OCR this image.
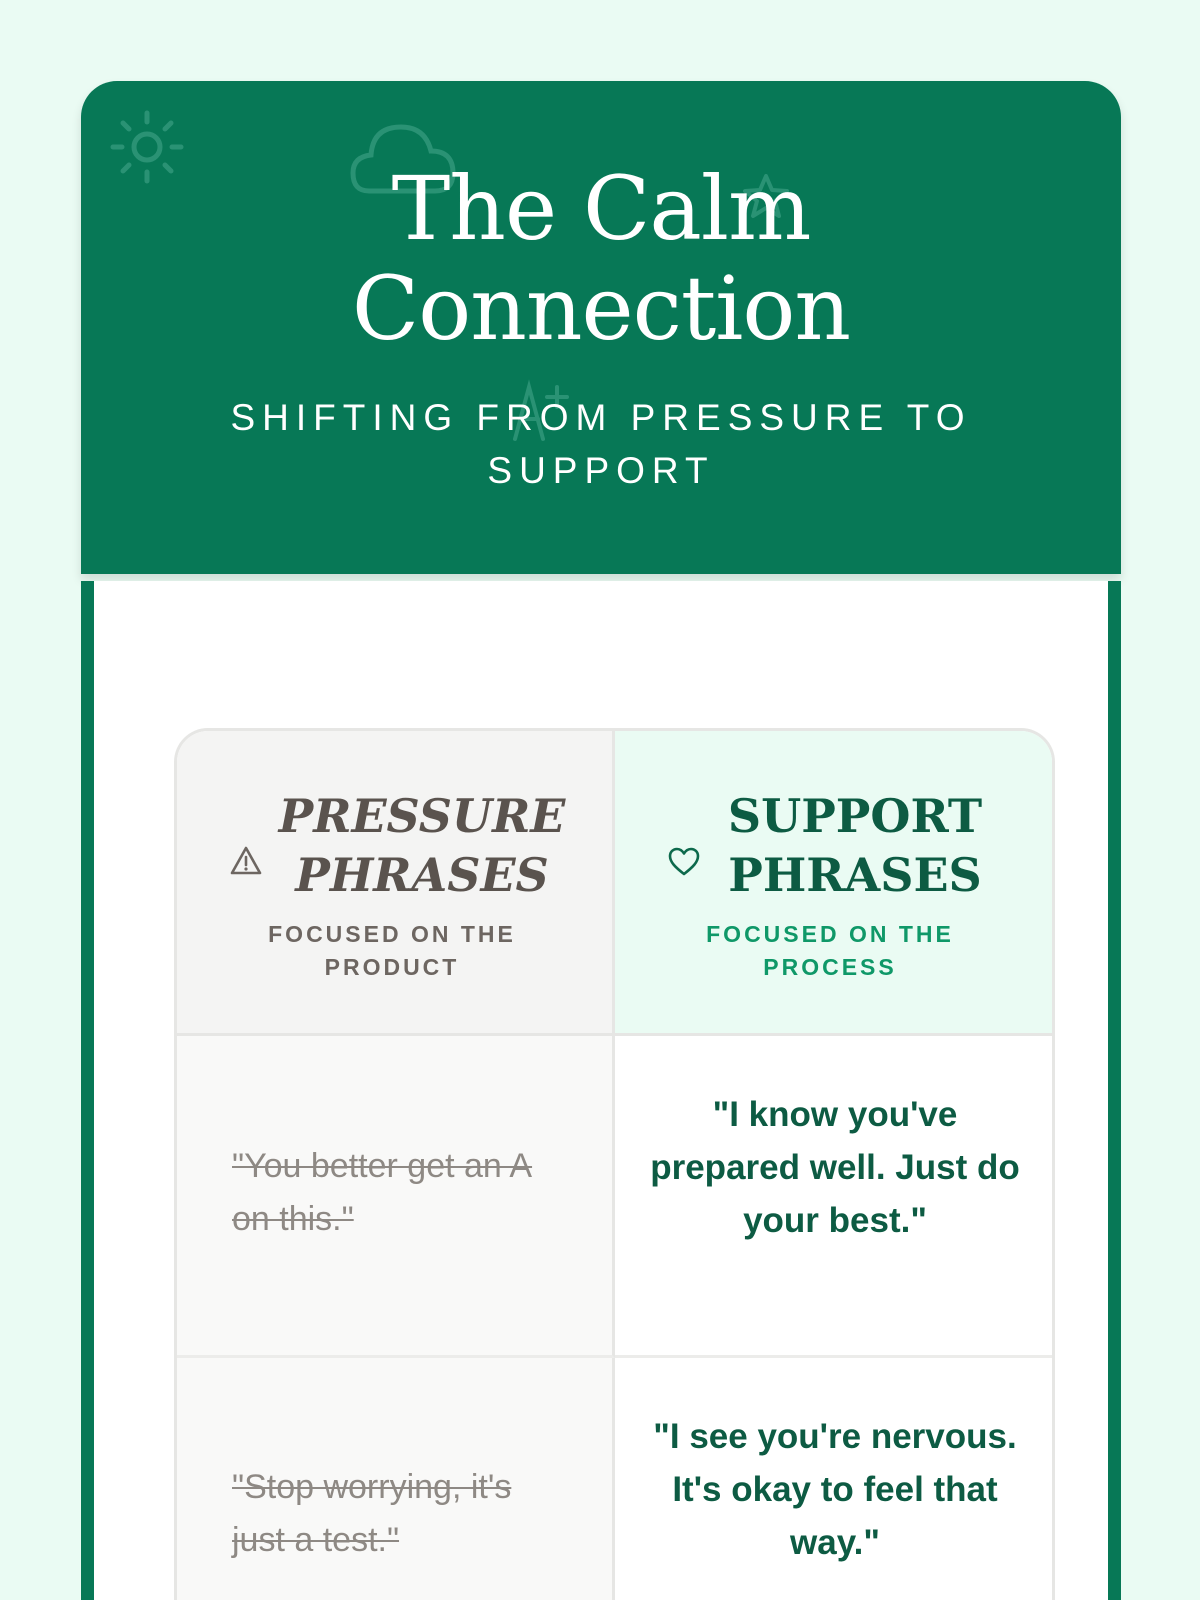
The Calm
Connection

SHIFTING FROM PRESSURE TO SUPPORT

PRESSURE PHRASES

FOCUSED ON THE PRODUCT

SUPPORT PHRASES

FOCUSED ON THE PROCESS

"You better get an A on this."

"I know you've prepared well. Just do your best."

"Stop worrying, it's just a test."

"I see you're nervous. It's okay to feel that way."
